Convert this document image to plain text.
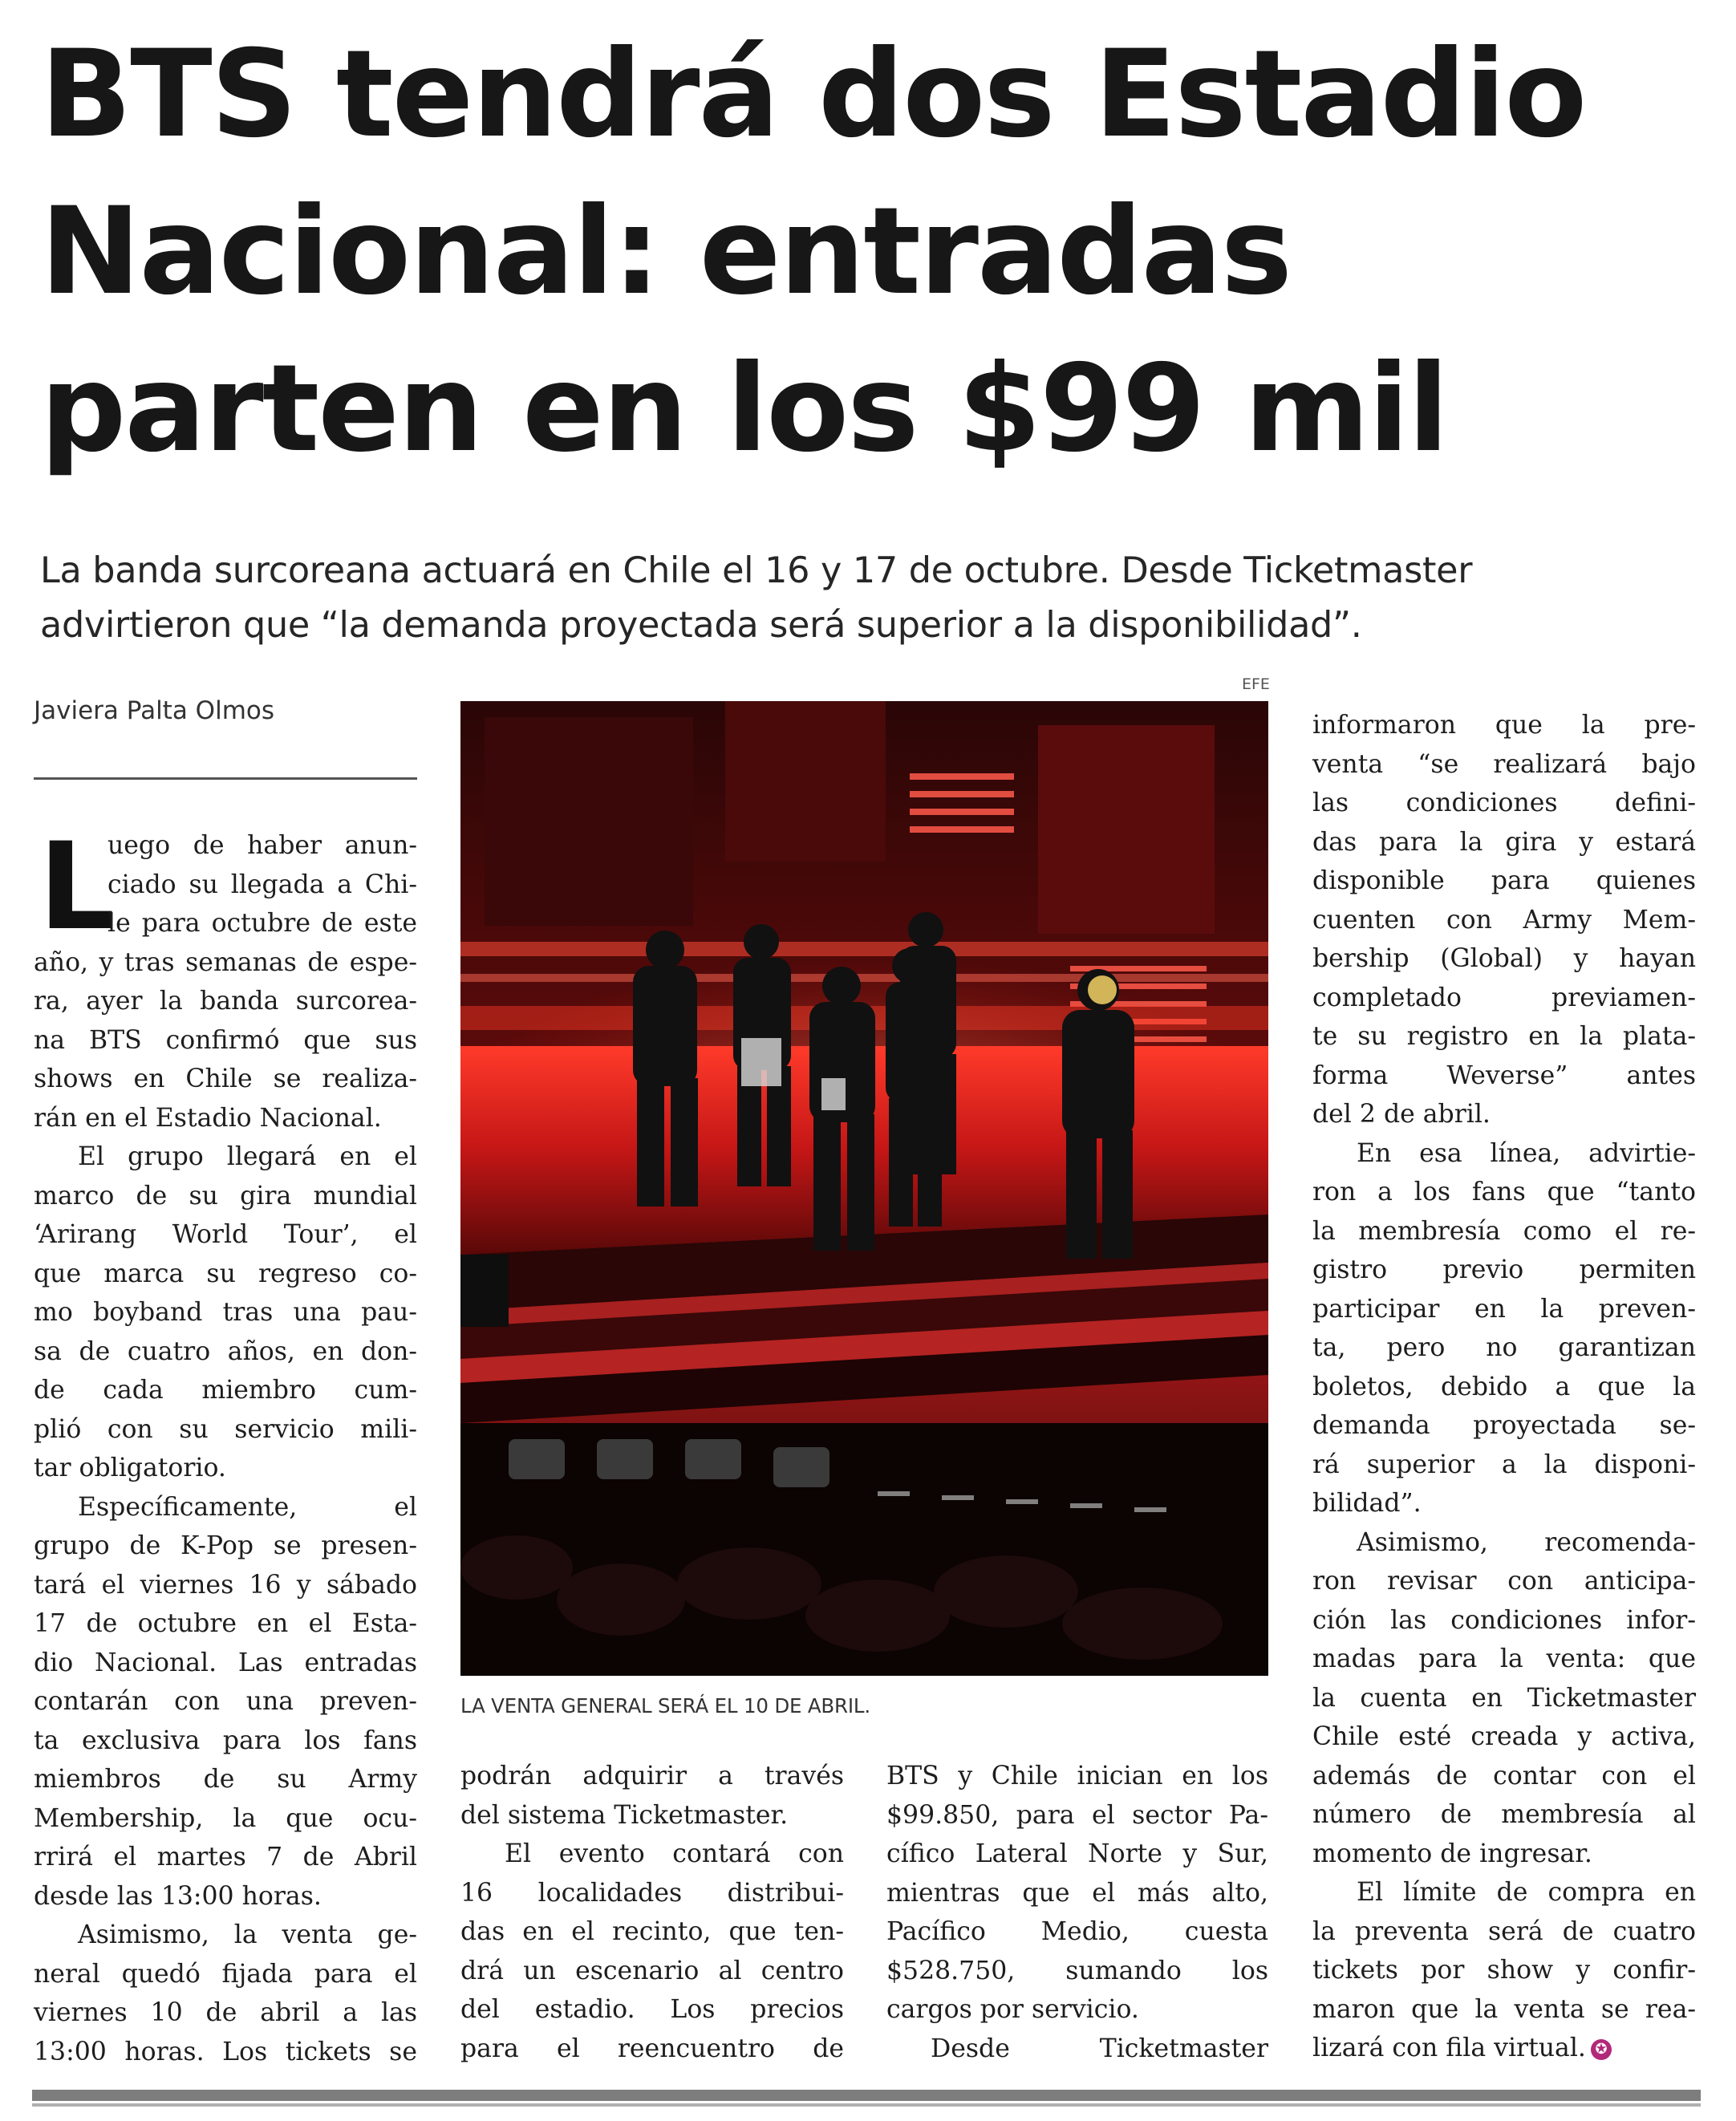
BTS tendrá dos Estadio
Nacional: entradas
parten en los $99 mil
La banda surcoreana actuará en Chile el 16 y 17 de octubre. Desde Ticketmaster
advirtieron que “la demanda proyectada será superior a la disponibilidad”.
Javiera Palta Olmos
EFE
LA VENTA GENERAL SERÁ EL 10 DE ABRIL.
L
uego de haber anun-
ciado su llegada a Chi-
le para octubre de este
año, y tras semanas de espe-
ra, ayer la banda surcorea-
na BTS confirmó que sus
shows en Chile se realiza-
rán en el Estadio Nacional.
El grupo llegará en el
marco de su gira mundial
‘Arirang World Tour’, el
que marca su regreso co-
mo boyband tras una pau-
sa de cuatro años, en don-
de cada miembro cum-
plió con su servicio mili-
tar obligatorio.
Específicamente, el
grupo de K-Pop se presen-
tará el viernes 16 y sábado
17 de octubre en el Esta-
dio Nacional. Las entradas
contarán con una preven-
ta exclusiva para los fans
miembros de su Army
Membership, la que ocu-
rrirá el martes 7 de Abril
desde las 13:00 horas.
Asimismo, la venta ge-
neral quedó fijada para el
viernes 10 de abril a las
13:00 horas. Los tickets se
podrán adquirir a través
del sistema Ticketmaster.
El evento contará con
16 localidades distribui-
das en el recinto, que ten-
drá un escenario al centro
del estadio. Los precios
para el reencuentro de
BTS y Chile inician en los
$99.850, para el sector Pa-
cífico Lateral Norte y Sur,
mientras que el más alto,
Pacífico Medio, cuesta
$528.750, sumando los
cargos por servicio.
Desde Ticketmaster
informaron que la pre-
venta “se realizará bajo
las condiciones defini-
das para la gira y estará
disponible para quienes
cuenten con Army Mem-
bership (Global) y hayan
completado previamen-
te su registro en la plata-
forma Weverse” antes
del 2 de abril.
En esa línea, advirtie-
ron a los fans que “tanto
la membresía como el re-
gistro previo permiten
participar en la preven-
ta, pero no garantizan
boletos, debido a que la
demanda proyectada se-
rá superior a la disponi-
bilidad”.
Asimismo, recomenda-
ron revisar con anticipa-
ción las condiciones infor-
madas para la venta: que
la cuenta en Ticketmaster
Chile esté creada y activa,
además de contar con el
número de membresía al
momento de ingresar.
El límite de compra en
la preventa será de cuatro
tickets por show y confir-
maron que la venta se rea-
lizará con fila virtual. ✪
